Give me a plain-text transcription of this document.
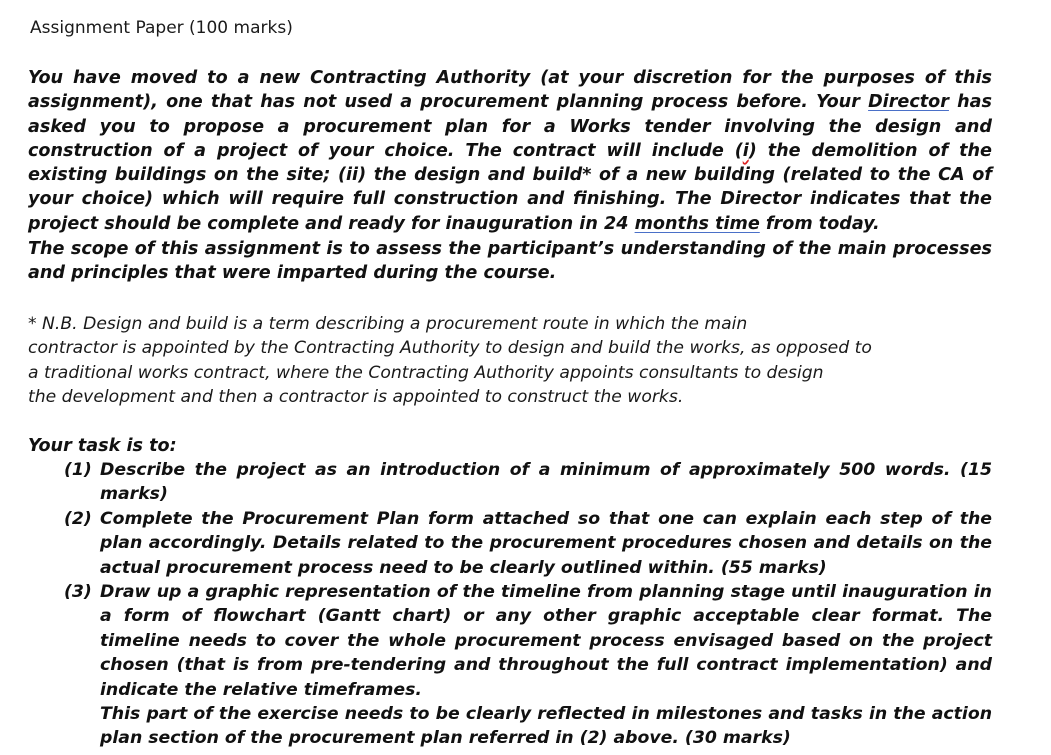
Assignment Paper (100 marks)
You have moved to a new Contracting Authority (at your discretion for the purposes of this assignment), one that has not used a procurement planning process before. Your Director has asked you to propose a procurement plan for a Works tender involving the design and construction of a project of your choice. The contract will include (i) the demolition of the existing buildings on the site; (ii) the design and build* of a new building (related to the CA of your choice) which will require full construction and finishing. The Director indicates that the project should be complete and ready for inauguration in 24 months time from today.
The scope of this assignment is to assess the participant’s understanding of the main processes and principles that were imparted during the course.
* N.B. Design and build is a term describing a procurement route in which the main
contractor is appointed by the Contracting Authority to design and build the works, as opposed to
a traditional works contract, where the Contracting Authority appoints consultants to design
the development and then a contractor is appointed to construct the works.
Your task is to:
(1) Describe the project as an introduction of a minimum of approximately 500 words. (15 marks)
(2) Complete the Procurement Plan form attached so that one can explain each step of the plan accordingly. Details related to the procurement procedures chosen and details on the actual procurement process need to be clearly outlined within. (55 marks)
(3) Draw up a graphic representation of the timeline from planning stage until inauguration in a form of flowchart (Gantt chart) or any other graphic acceptable clear format. The timeline needs to cover the whole procurement process envisaged based on the project chosen (that is from pre-tendering and throughout the full contract implementation) and indicate the relative timeframes.
This part of the exercise needs to be clearly reflected in milestones and tasks in the action plan section of the procurement plan referred in (2) above. (30 marks)
